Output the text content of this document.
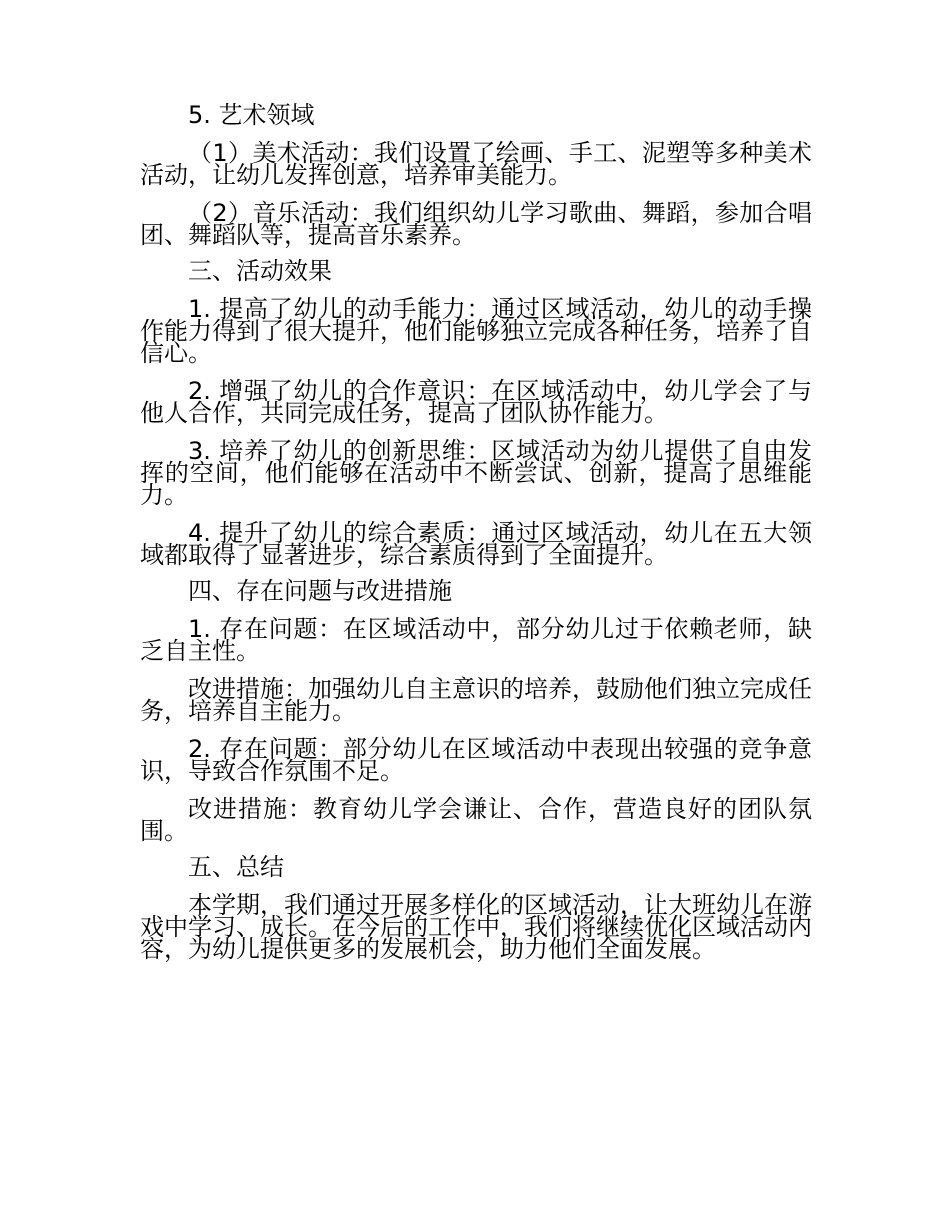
5. 艺术领域

（1）美术活动：我们设置了绘画、手工、泥塑等多种美术活动，让幼儿发挥创意，培养审美能力。

（2）音乐活动：我们组织幼儿学习歌曲、舞蹈，参加合唱团、舞蹈队等，提高音乐素养。

三、活动效果

1. 提高了幼儿的动手能力：通过区域活动，幼儿的动手操作能力得到了很大提升，他们能够独立完成各种任务，培养了自信心。

2. 增强了幼儿的合作意识：在区域活动中，幼儿学会了与他人合作，共同完成任务，提高了团队协作能力。

3. 培养了幼儿的创新思维：区域活动为幼儿提供了自由发挥的空间，他们能够在活动中不断尝试、创新，提高了思维能力。

4. 提升了幼儿的综合素质：通过区域活动，幼儿在五大领域都取得了显著进步，综合素质得到了全面提升。

四、存在问题与改进措施

1. 存在问题：在区域活动中，部分幼儿过于依赖老师，缺乏自主性。

改进措施：加强幼儿自主意识的培养，鼓励他们独立完成任务，培养自主能力。

2. 存在问题：部分幼儿在区域活动中表现出较强的竞争意识，导致合作氛围不足。

改进措施：教育幼儿学会谦让、合作，营造良好的团队氛围。

五、总结

本学期，我们通过开展多样化的区域活动，让大班幼儿在游戏中学习、成长。在今后的工作中，我们将继续优化区域活动内容，为幼儿提供更多的发展机会，助力他们全面发展。
